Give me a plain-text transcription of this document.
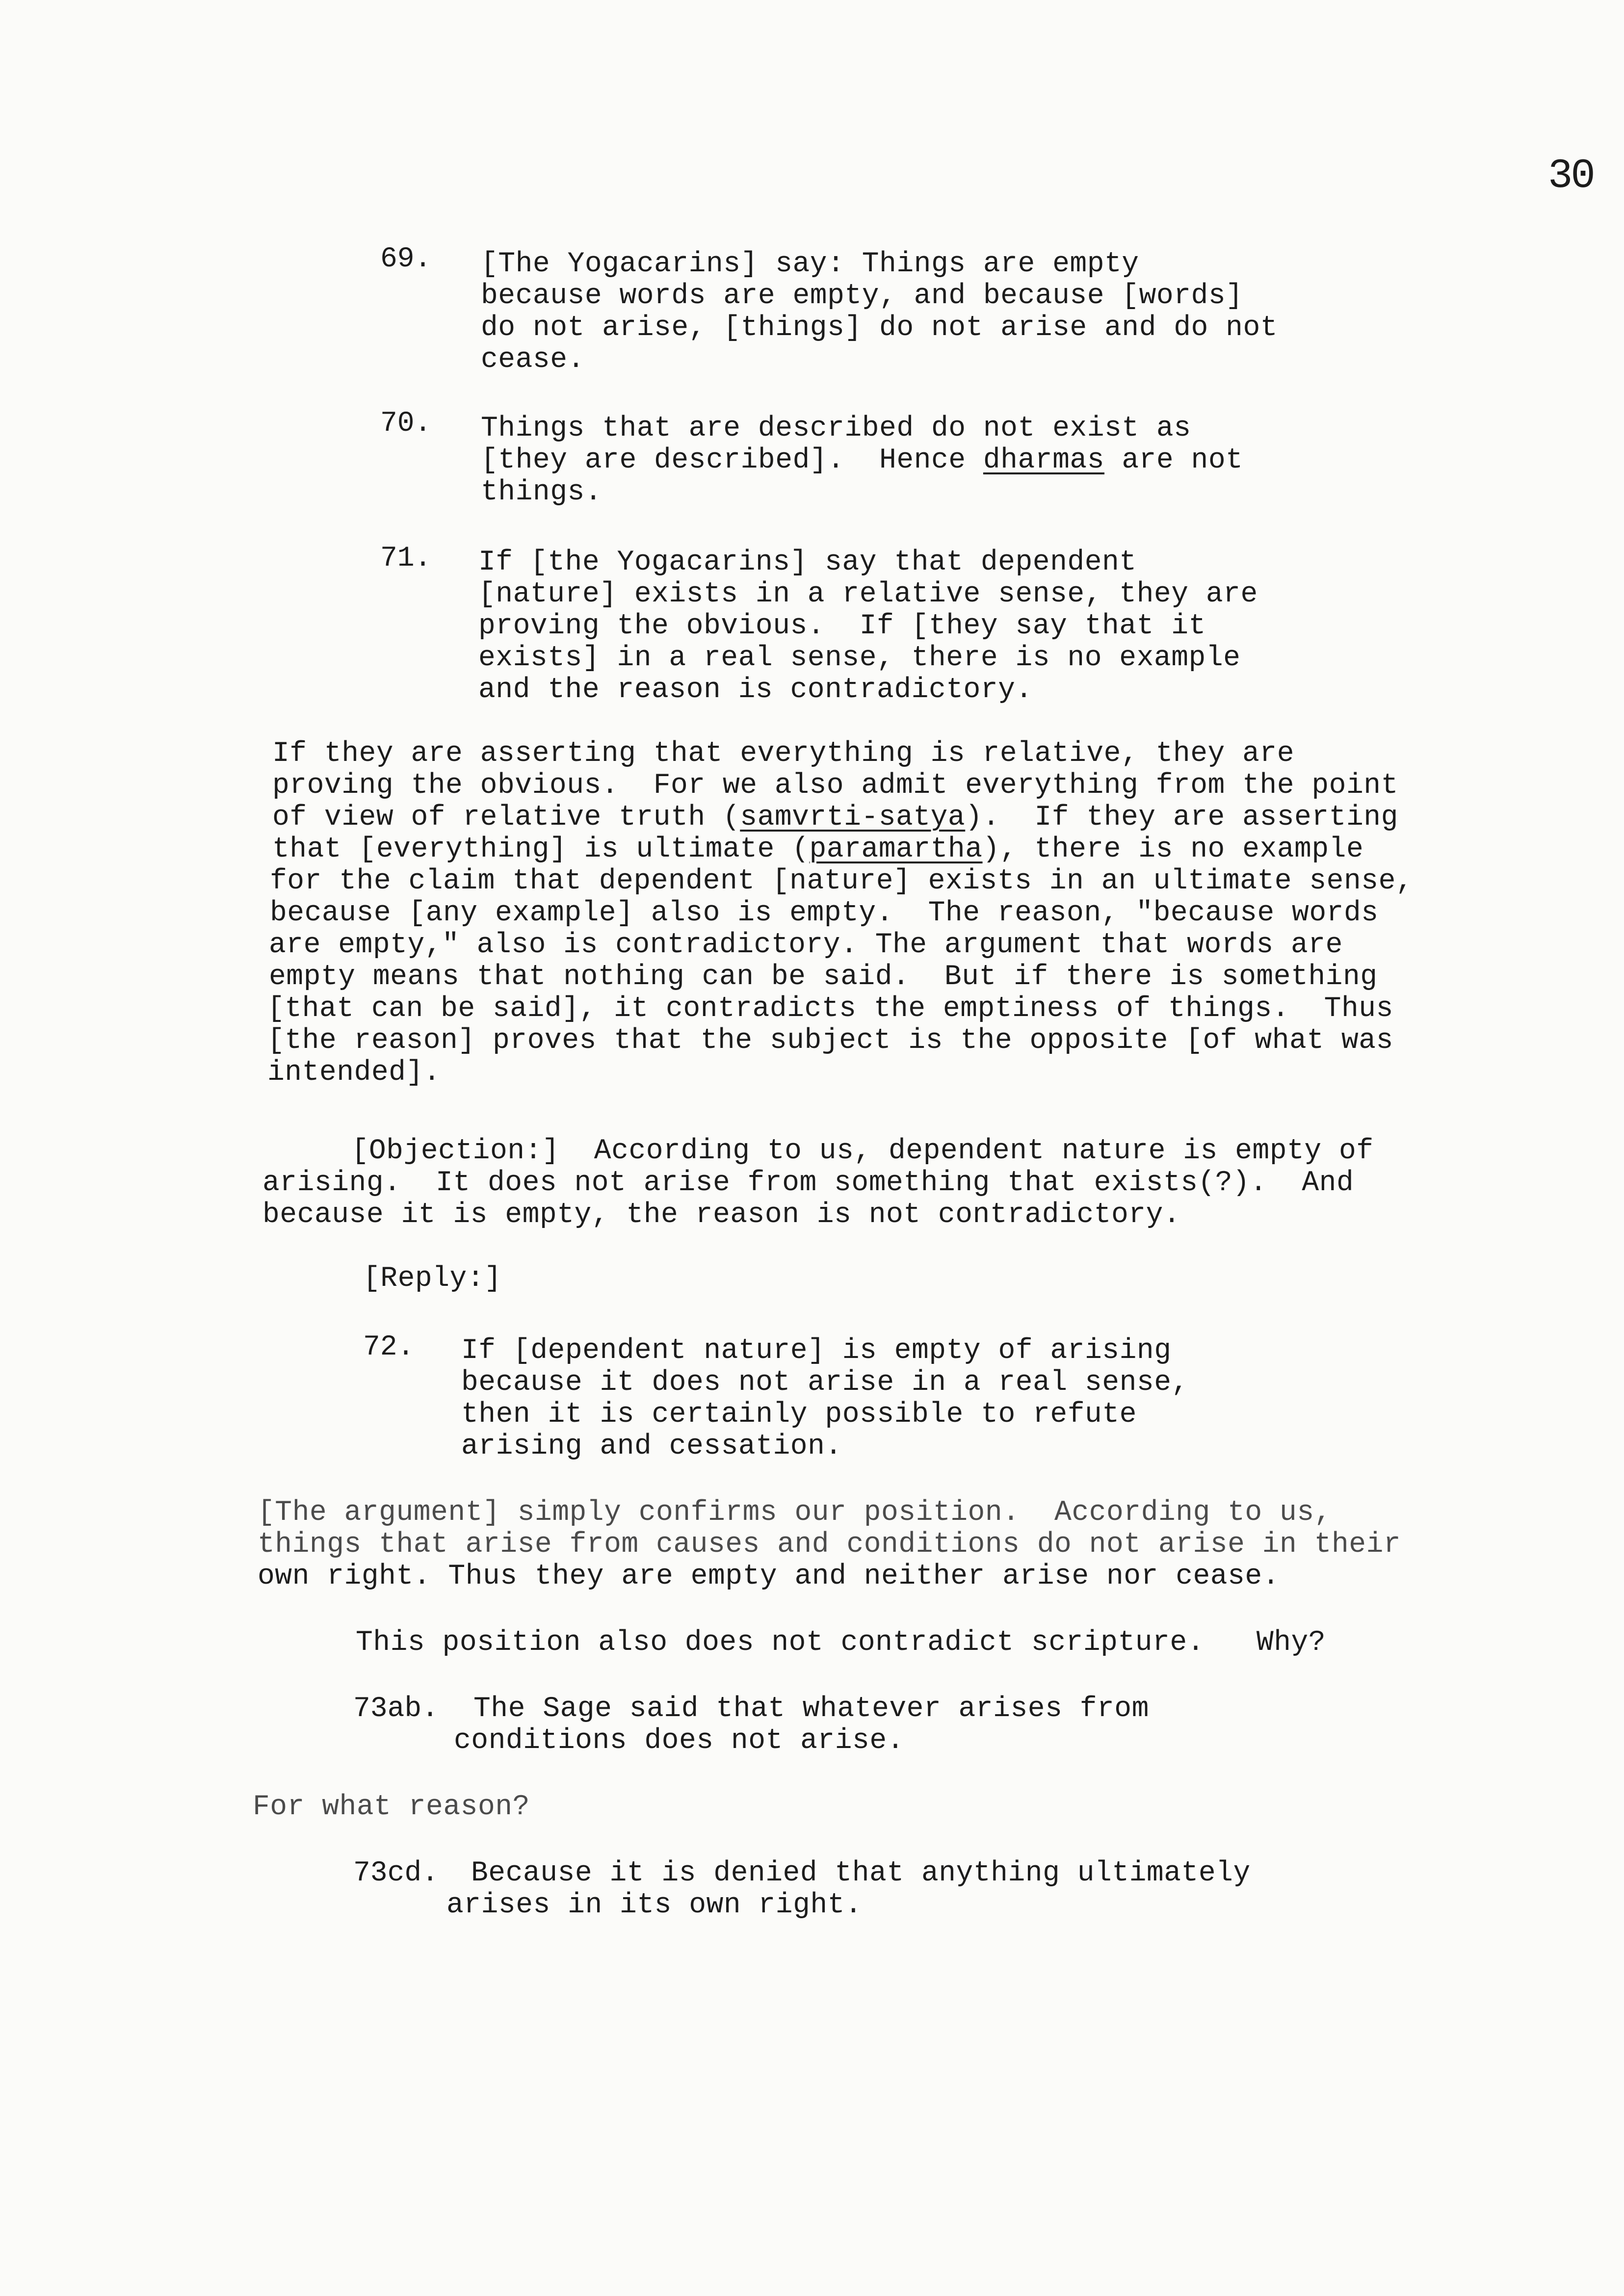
30
69. [The Yogacarins] say: Things are empty
because words are empty, and because [words]
do not arise, [things] do not arise and do not
cease.
70. Things that are described do not exist as
[they are described].  Hence dharmas are not
things.
71. If [the Yogacarins] say that dependent
[nature] exists in a relative sense, they are
proving the obvious.  If [they say that it
exists] in a real sense, there is no example
and the reason is contradictory.
If they are asserting that everything is relative, they are
proving the obvious.  For we also admit everything from the point
of view of relative truth (samvrti-satya).  If they are asserting
that [everything] is ultimate (paramartha), there is no example
for the claim that dependent [nature] exists in an ultimate sense,
because [any example] also is empty.  The reason, "because words
are empty," also is contradictory. The argument that words are
empty means that nothing can be said.  But if there is something
[that can be said], it contradicts the emptiness of things.  Thus
[the reason] proves that the subject is the opposite [of what was
intended].
[Objection:]  According to us, dependent nature is empty of
arising.  It does not arise from something that exists(?).  And
because it is empty, the reason is not contradictory.
[Reply:]
72. If [dependent nature] is empty of arising
because it does not arise in a real sense,
then it is certainly possible to refute
arising and cessation.
[The argument] simply confirms our position.  According to us,
things that arise from causes and conditions do not arise in their
own right. Thus they are empty and neither arise nor cease.
This position also does not contradict scripture.   Why?
73ab. The Sage said that whatever arises from
conditions does not arise.
For what reason?
73cd. Because it is denied that anything ultimately
arises in its own right.
